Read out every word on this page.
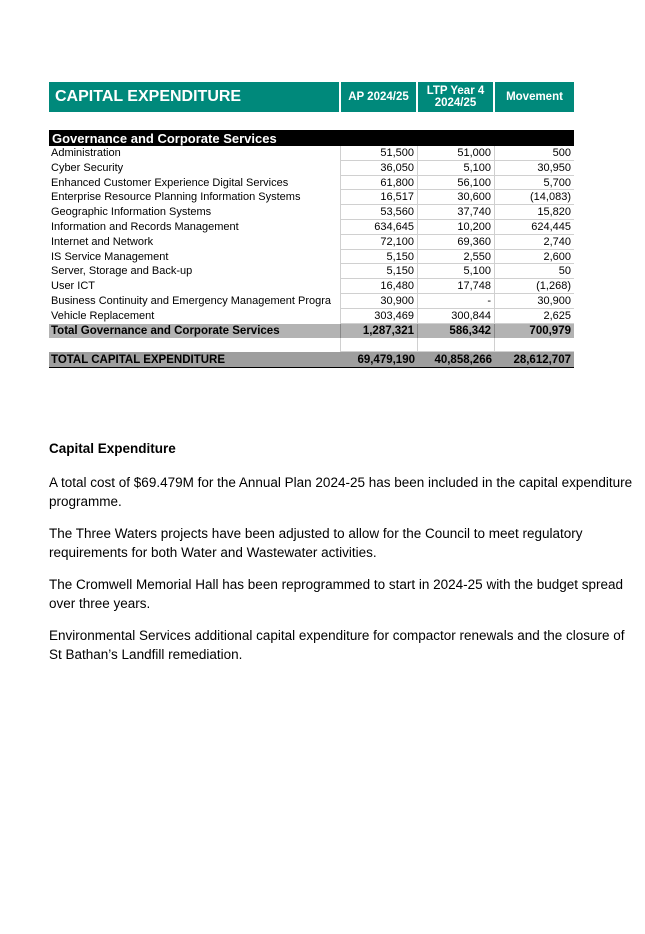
CAPITAL EXPENDITURE	AP 2024/25	LTP Year 4 2024/25	Movement
Governance and Corporate Services
Administration	51,500	51,000	500
Cyber Security	36,050	5,100	30,950
Enhanced Customer Experience Digital Services	61,800	56,100	5,700
Enterprise Resource Planning Information Systems	16,517	30,600	(14,083)
Geographic Information Systems	53,560	37,740	15,820
Information and Records Management	634,645	10,200	624,445
Internet and Network	72,100	69,360	2,740
IS Service Management	5,150	2,550	2,600
Server, Storage and Back-up	5,150	5,100	50
User ICT	16,480	17,748	(1,268)
Business Continuity and Emergency Management Progra	30,900	-	30,900
Vehicle Replacement	303,469	300,844	2,625
Total Governance and Corporate Services	1,287,321	586,342	700,979
TOTAL CAPITAL EXPENDITURE	69,479,190	40,858,266	28,612,707
Capital Expenditure

A total cost of $69.479M for the Annual Plan 2024-25 has been included in the capital expenditure programme.

The Three Waters projects have been adjusted to allow for the Council to meet regulatory requirements for both Water and Wastewater activities.

The Cromwell Memorial Hall has been reprogrammed to start in 2024-25 with the budget spread over three years.

Environmental Services additional capital expenditure for compactor renewals and the closure of St Bathan’s Landfill remediation.
